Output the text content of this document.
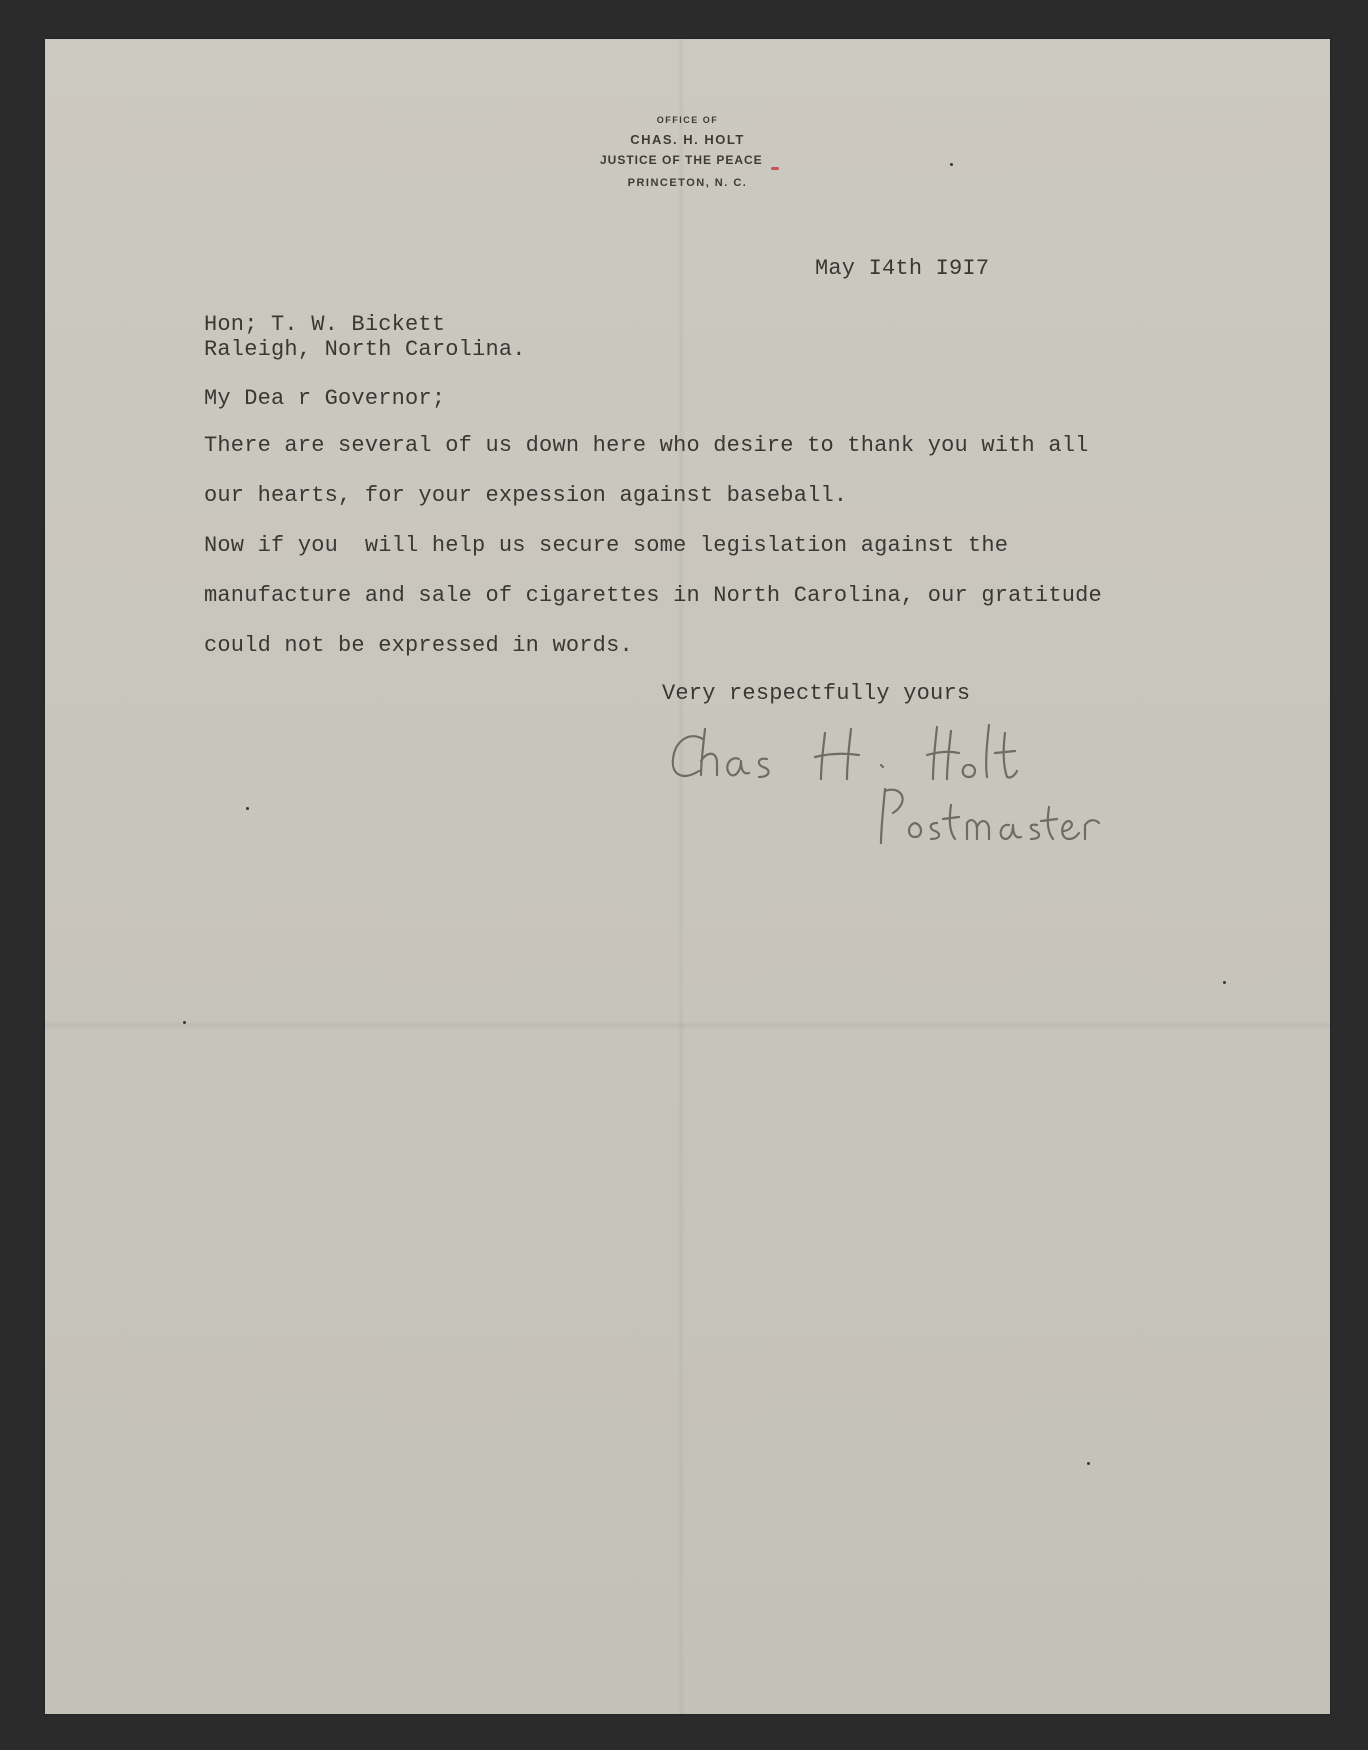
OFFICE OF
CHAS. H. HOLT
JUSTICE OF THE PEACE
PRINCETON, N. C.
May I4th I9I7
Hon; T. W. Bickett
Raleigh, North Carolina.
My Dea r Governor;
There are several of us down here who desire to thank you with all
our hearts, for your expession against baseball.
Now if you  will help us secure some legislation against the
manufacture and sale of cigarettes in North Carolina, our gratitude
could not be expressed in words.
Very respectfully yours
